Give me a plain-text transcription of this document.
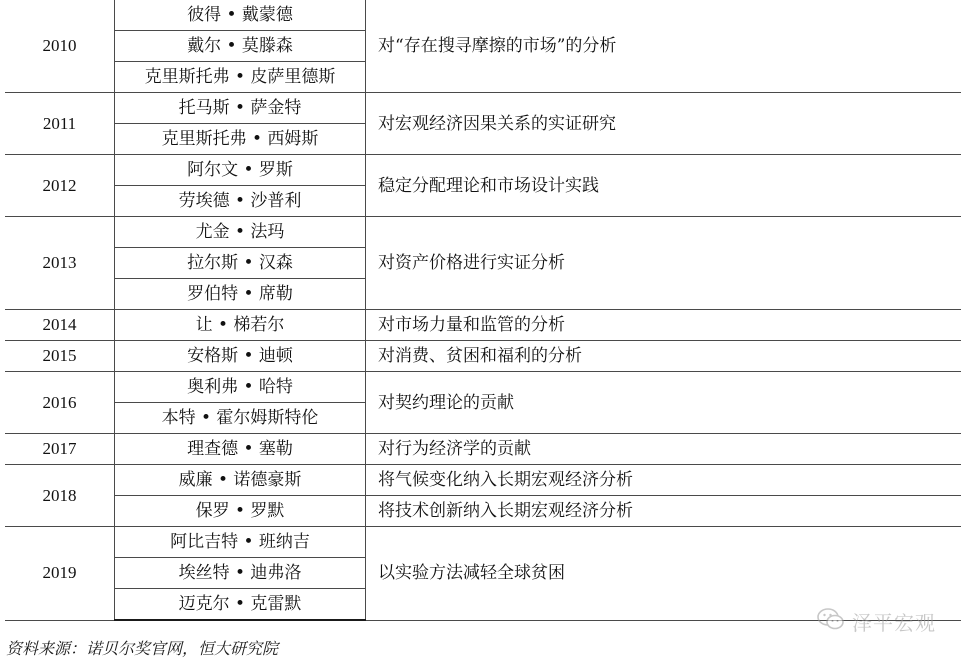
2010	彼得 • 戴蒙德	对“存在搜寻摩擦的市场”的分析
	戴尔 • 莫滕森	
	克里斯托弗 • 皮萨里德斯	
2011	托马斯 • 萨金特	对宏观经济因果关系的实证研究
	克里斯托弗 • 西姆斯	
2012	阿尔文 • 罗斯	稳定分配理论和市场设计实践
	劳埃德 • 沙普利	
2013	尤金 • 法玛	对资产价格进行实证分析
	拉尔斯 • 汉森	
	罗伯特 • 席勒	
2014	让 • 梯若尔	对市场力量和监管的分析
2015	安格斯 • 迪顿	对消费、贫困和福利的分析
2016	奥利弗 • 哈特	对契约理论的贡献
	本特 • 霍尔姆斯特伦	
2017	理查德 • 塞勒	对行为经济学的贡献
2018	威廉 • 诺德豪斯	将气候变化纳入长期宏观经济分析
	保罗 • 罗默	将技术创新纳入长期宏观经济分析
2019	阿比吉特 • 班纳吉	以实验方法减轻全球贫困
	埃丝特 • 迪弗洛	
	迈克尔 • 克雷默	
泽平宏观
资料来源：诺贝尔奖官网，恒大研究院
